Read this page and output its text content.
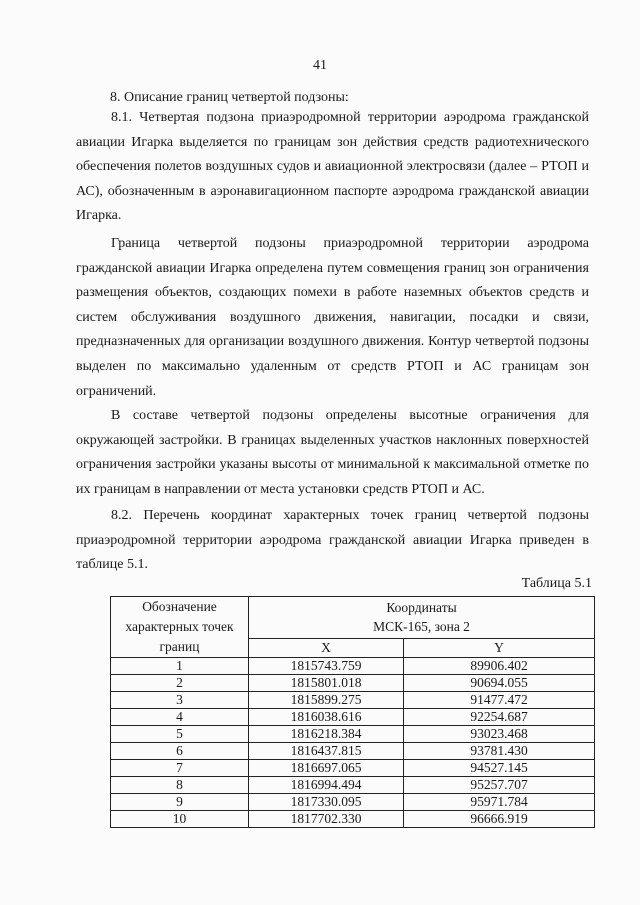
41
8. Описание границ четвертой подзоны:

8.1. Четвертая подзона приаэродромной территории аэродрома гражданской авиации Игарка выделяется по границам зон действия средств радиотехнического обеспечения полетов воздушных судов и авиационной электросвязи (далее – РТОП и АС), обозначенным в аэронавигационном паспорте аэродрома гражданской авиации Игарка.

Граница четвертой подзоны приаэродромной территории аэродрома гражданской авиации Игарка определена путем совмещения границ зон ограничения размещения объектов, создающих помехи в работе наземных объектов средств и систем обслуживания воздушного движения, навигации, посадки и связи, предназначенных для организации воздушного движения. Контур четвертой подзоны выделен по максимально удаленным от средств РТОП и АС границам зон ограничений.

В составе четвертой подзоны определены высотные ограничения для окружающей застройки. В границах выделенных участков наклонных поверхностей ограничения застройки указаны высоты от минимальной к максимальной отметке по их границам в направлении от места установки средств РТОП и АС.

8.2. Перечень координат характерных точек границ четвертой подзоны приаэродромной территории аэродрома гражданской авиации Игарка приведен в таблице 5.1.

Таблица 5.1
Обозначение характерных точек границ	Координаты
МСК-165, зона 2	

	X	Y
1	1815743.759	89906.402
2	1815801.018	90694.055
3	1815899.275	91477.472
4	1816038.616	92254.687
5	1816218.384	93023.468
6	1816437.815	93781.430
7	1816697.065	94527.145
8	1816994.494	95257.707
9	1817330.095	95971.784
10	1817702.330	96666.919
